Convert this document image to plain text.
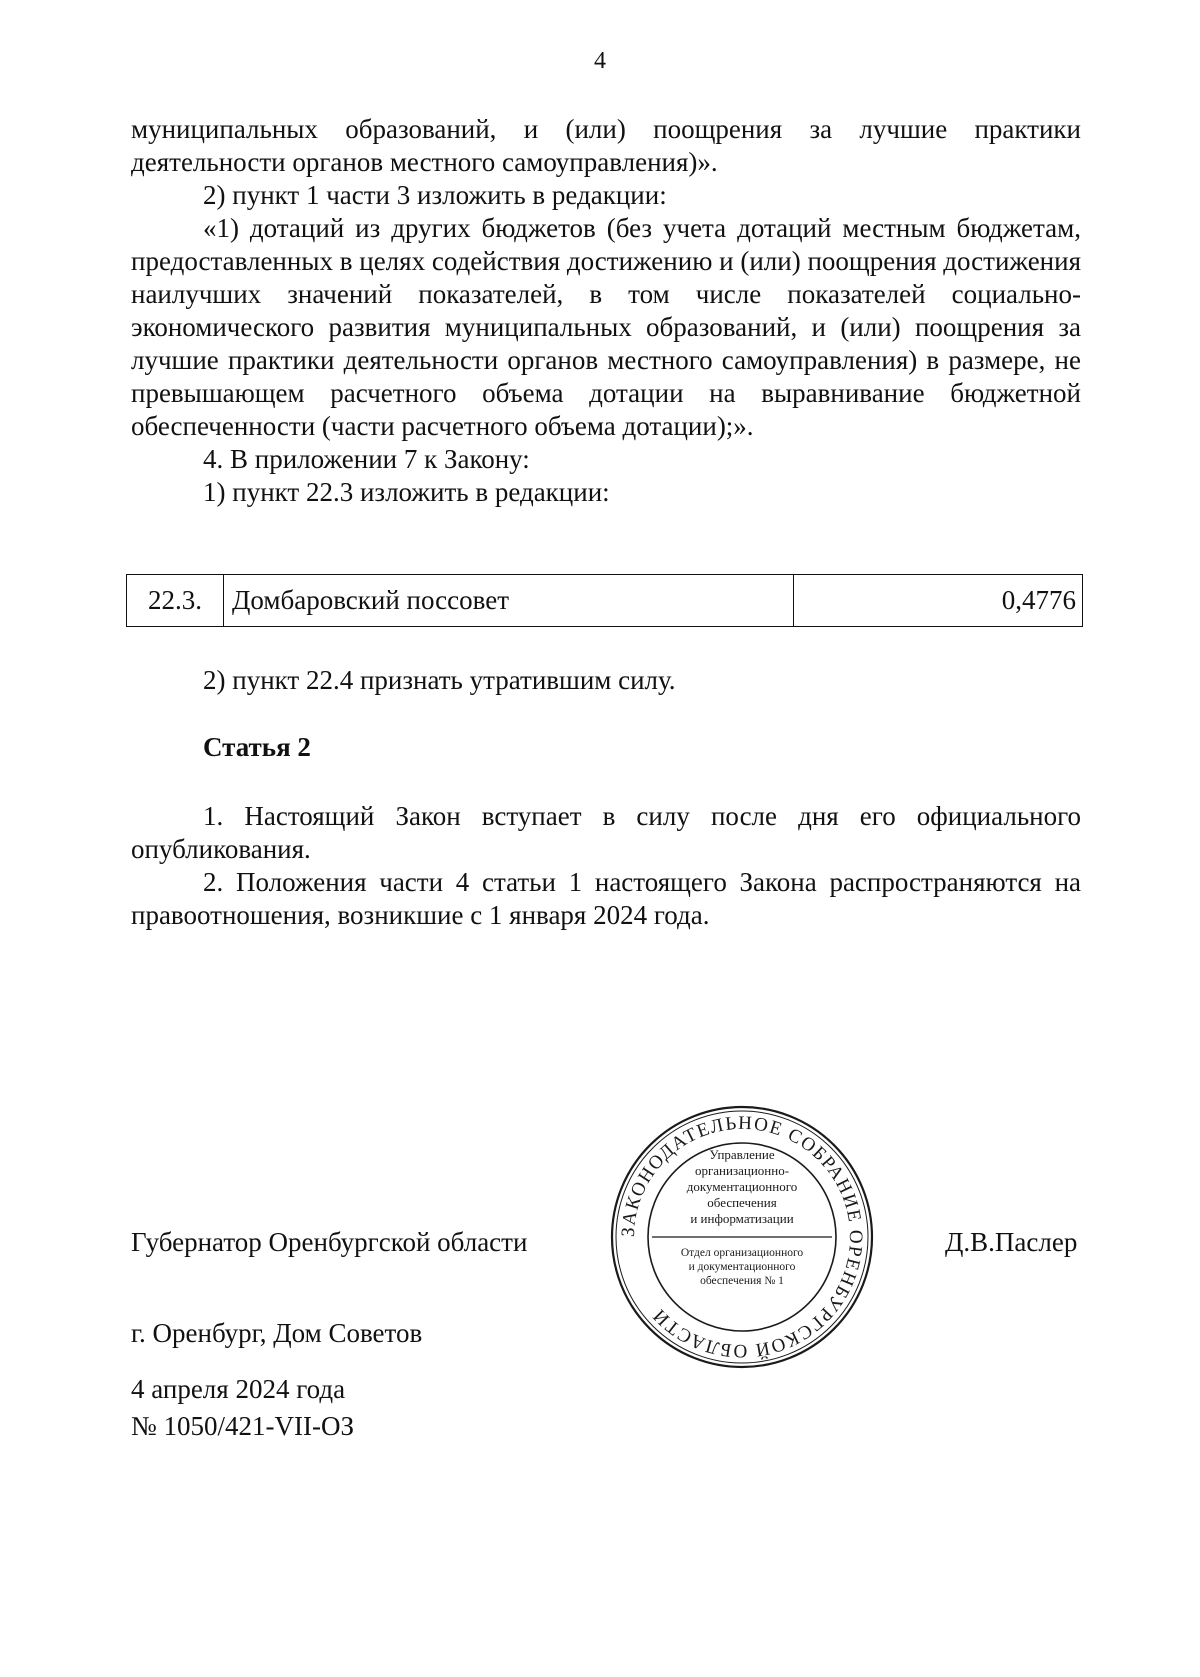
4

муниципальных образований, и (или) поощрения за лучшие практики деятельности органов местного самоуправления)».

2) пункт 1 части 3 изложить в редакции:

«1) дотаций из других бюджетов (без учета дотаций местным бюджетам, предоставленных в целях содействия достижению и (или) поощрения достижения наилучших значений показателей, в том числе показателей социально-экономического развития муниципальных образований, и (или) поощрения за лучшие практики деятельности органов местного самоуправления) в размере, не превышающем расчетного объема дотации на выравнивание бюджетной обеспеченности (части расчетного объема дотации);».

4. В приложении 7 к Закону:

1) пункт 22.3 изложить в редакции:

22.3.	Домбаровский поссовет	0,4776

2) пункт 22.4 признать утратившим силу.

Статья 2

1. Настоящий Закон вступает в силу после дня его официального опубликования.

2. Положения части 4 статьи 1 настоящего Закона распространяются на правоотношения, возникшие с 1 января 2024 года.

Губернатор Оренбургской области	Д.В.Паслер
ЗАКОНОДАТЕЛЬНОЕ СОБРАНИЕ ОРЕНБУРГСКОЙ ОБЛАСТИ
Управление
организационно-
документационного
обеспечения
и информатизации
Отдел организационного
и документационного
обеспечения № 1
г. Оренбург, Дом Советов
4 апреля 2024 года
№ 1050/421-VII-ОЗ
